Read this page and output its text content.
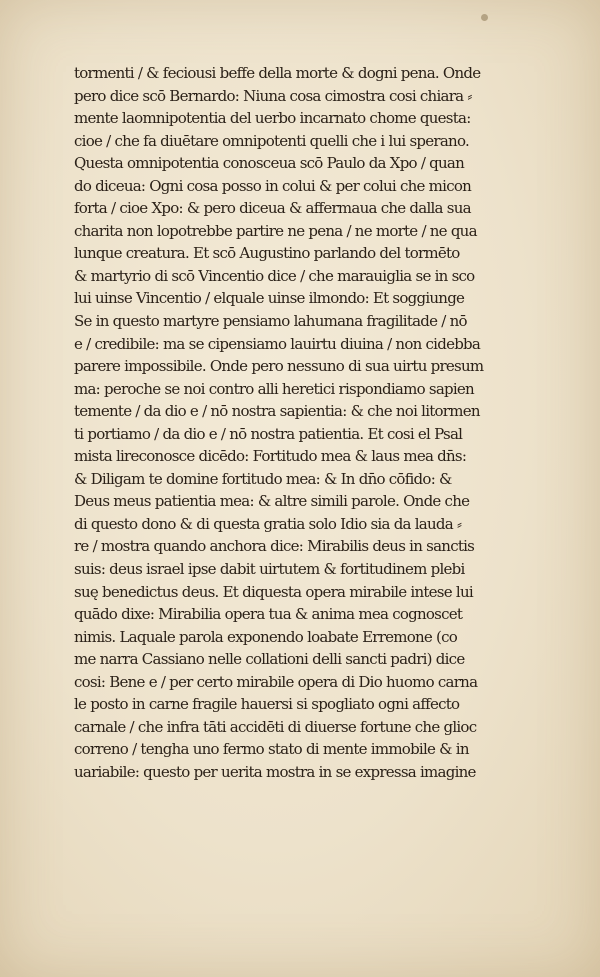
tormenti / & feciousi beffe della morte & dogni pena. Onde
pero dice scō Bernardo: Niuna cosa cimostra cosi chiara ⸗
mente laomnipotentia del uerbo incarnato chome questa:
cioe / che fa diuētare omnipotenti quelli che i lui sperano.
Questa omnipotentia conosceua scō Paulo da Xpo / quan
do diceua: Ogni cosa posso in colui & per colui che micon
forta / cioe Xpo: & pero diceua & affermaua che dalla sua
charita non lopotrebbe partire ne pena / ne morte / ne qua
lunque creatura. Et scō Augustino parlando del tormēto
& martyrio di scō Vincentio dice / che marauiglia se in sco
lui uinse Vincentio / elquale uinse ilmondo: Et soggiunge
Se in questo martyre pensiamo lahumana fragilitade / nō
e / credibile: ma se cipensiamo lauirtu diuina / non cidebba
parere impossibile. Onde pero nessuno di sua uirtu presum
ma: peroche se noi contro alli heretici rispondiamo sapien
temente / da dio e / nō nostra sapientia: & che noi litormen
ti portiamo / da dio e / nō nostra patientia. Et cosi el Psal
mista lireconosce dicēdo: Fortitudo mea & laus mea dn̄s:
& Diligam te domine fortitudo mea: & In dn̄o cōfido: &
Deus meus patientia mea: & altre simili parole. Onde che
di questo dono & di questa gratia solo Idio sia da lauda ⸗
re / mostra quando anchora dice: Mirabilis deus in sanctis
suis: deus israel ipse dabit uirtutem & fortitudinem plebi
suę benedictus deus. Et diquesta opera mirabile intese lui
quādo dixe: Mirabilia opera tua & anima mea cognoscet
nimis. Laquale parola exponendo loabate Erremone (co
me narra Cassiano nelle collationi delli sancti padri) dice
cosi: Bene e / per certo mirabile opera di Dio huomo carna
le posto in carne fragile hauersi si spogliato ogni affecto
carnale / che infra tāti accidēti di diuerse fortune che glioc
correno / tengha uno fermo stato di mente immobile & in
uariabile: questo per uerita mostra in se expressa imagine
